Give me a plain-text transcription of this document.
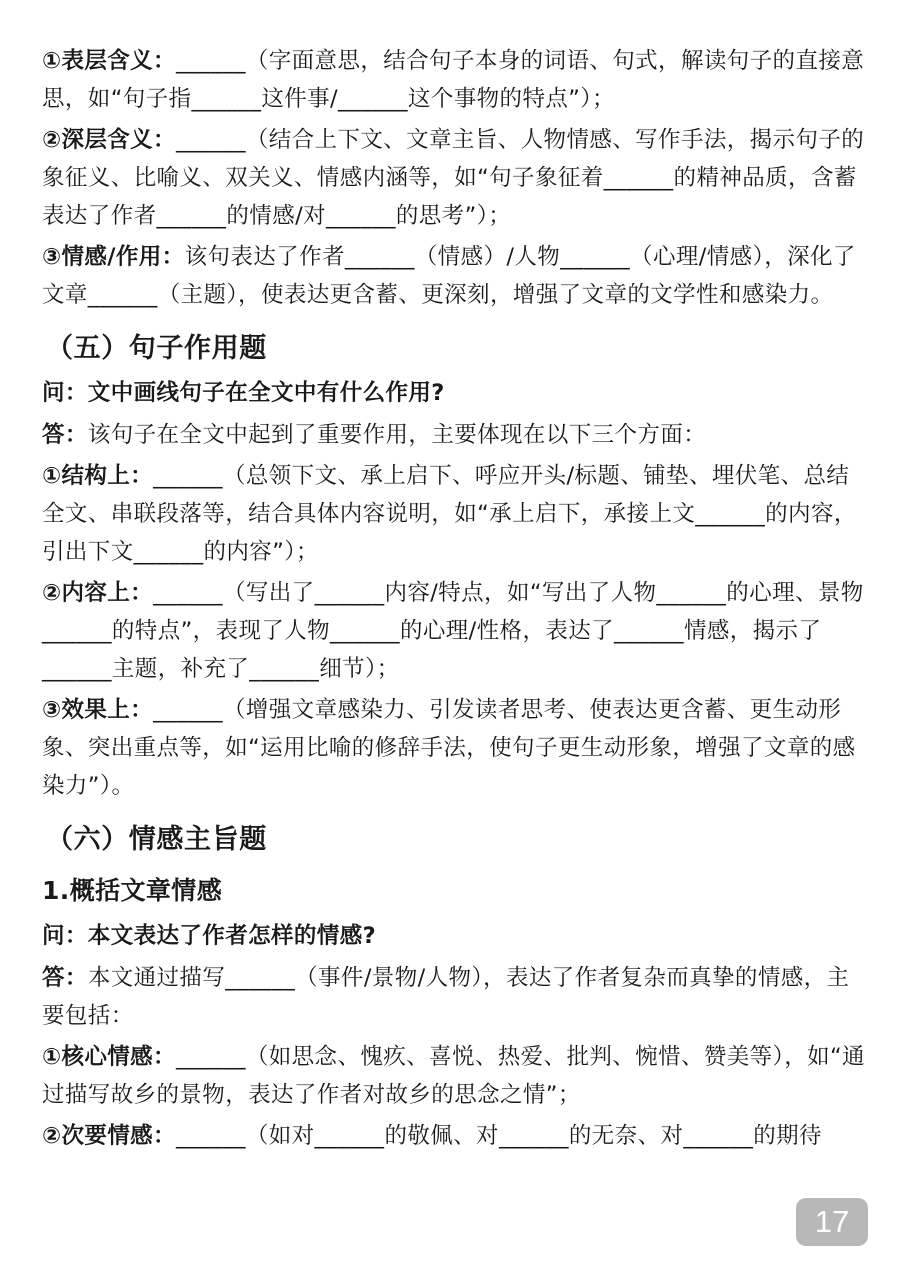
①表层含义：______（字面意思，结合句子本身的词语、句式，解读句子的直接意思，如“句子指______这件事/______这个事物的特点”）；

②深层含义：______（结合上下文、文章主旨、人物情感、写作手法，揭示句子的象征义、比喻义、双关义、情感内涵等，如“句子象征着______的精神品质，含蓄表达了作者______的情感/对______的思考”）；

③情感/作用：该句表达了作者______（情感）/人物______（心理/情感），深化了文章______（主题），使表达更含蓄、更深刻，增强了文章的文学性和感染力。

（五）句子作用题

问：文中画线句子在全文中有什么作用?

答：该句子在全文中起到了重要作用，主要体现在以下三个方面：

①结构上：______（总领下文、承上启下、呼应开头/标题、铺垫、埋伏笔、总结全文、串联段落等，结合具体内容说明，如“承上启下，承接上文______的内容，引出下文______的内容”）；

②内容上：______（写出了______内容/特点，如“写出了人物______的心理、景物______的特点”，表现了人物______的心理/性格，表达了______情感，揭示了______主题，补充了______细节）；

③效果上：______（增强文章感染力、引发读者思考、使表达更含蓄、更生动形象、突出重点等，如“运用比喻的修辞手法，使句子更生动形象，增强了文章的感染力”）。

（六）情感主旨题
1.概括文章情感

问：本文表达了作者怎样的情感?

答：本文通过描写______（事件/景物/人物），表达了作者复杂而真挚的情感，主要包括：

①核心情感：______（如思念、愧疚、喜悦、热爱、批判、惋惜、赞美等），如“通过描写故乡的景物，表达了作者对故乡的思念之情”；

②次要情感：______（如对______的敬佩、对______的无奈、对______的期待

17
